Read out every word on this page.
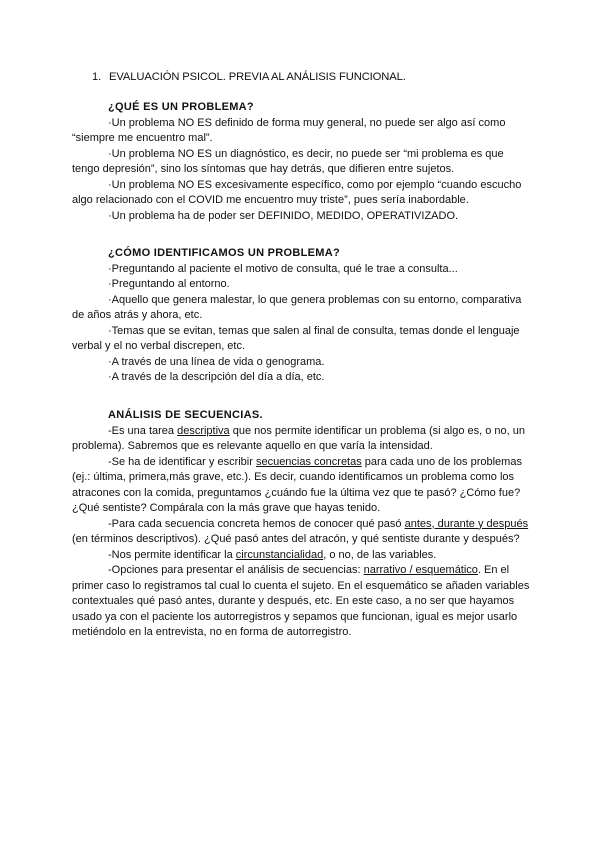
1. EVALUACIÓN PSICOL. PREVIA AL ANÁLISIS FUNCIONAL.
¿QUÉ ES UN PROBLEMA?

·Un problema NO ES definido de forma muy general, no puede ser algo así como “siempre me encuentro mal”.

·Un problema NO ES un diagnóstico, es decir, no puede ser “mi problema es que tengo depresión”, sino los síntomas que hay detrás, que difieren entre sujetos.

·Un problema NO ES excesivamente específico, como por ejemplo “cuando escucho algo relacionado con el COVID me encuentro muy triste”, pues sería inabordable.

·Un problema ha de poder ser DEFINIDO, MEDIDO, OPERATIVIZADO.

¿CÓMO IDENTIFICAMOS UN PROBLEMA?

·Preguntando al paciente el motivo de consulta, qué le trae a consulta...

·Preguntando al entorno.

·Aquello que genera malestar, lo que genera problemas con su entorno, comparativa de años atrás y ahora, etc.

·Temas que se evitan, temas que salen al final de consulta, temas donde el lenguaje verbal y el no verbal discrepen, etc.

·A través de una línea de vida o genograma.

·A través de la descripción del día a día, etc.

ANÁLISIS DE SECUENCIAS.

-Es una tarea descriptiva que nos permite identificar un problema (si algo es, o no, un problema). Sabremos que es relevante aquello en que varía la intensidad.

-Se ha de identificar y escribir secuencias concretas para cada uno de los problemas (ej.: última, primera,más grave, etc.). Es decir, cuando identificamos un problema como los atracones con la comida, preguntamos ¿cuándo fue la última vez que te pasó? ¿Cómo fue? ¿Qué sentiste? Compárala con la más grave que hayas tenido.

-Para cada secuencia concreta hemos de conocer qué pasó antes, durante y después (en términos descriptivos). ¿Qué pasó antes del atracón, y qué sentiste durante y después?

-Nos permite identificar la circunstancialidad, o no, de las variables.

-Opciones para presentar el análisis de secuencias: narrativo / esquemático. En el primer caso lo registramos tal cual lo cuenta el sujeto. En el esquemático se añaden variables contextuales qué pasó antes, durante y después, etc. En este caso, a no ser que hayamos usado ya con el paciente los autorregistros y sepamos que funcionan, igual es mejor usarlo metiéndolo en la entrevista, no en forma de autorregistro.
